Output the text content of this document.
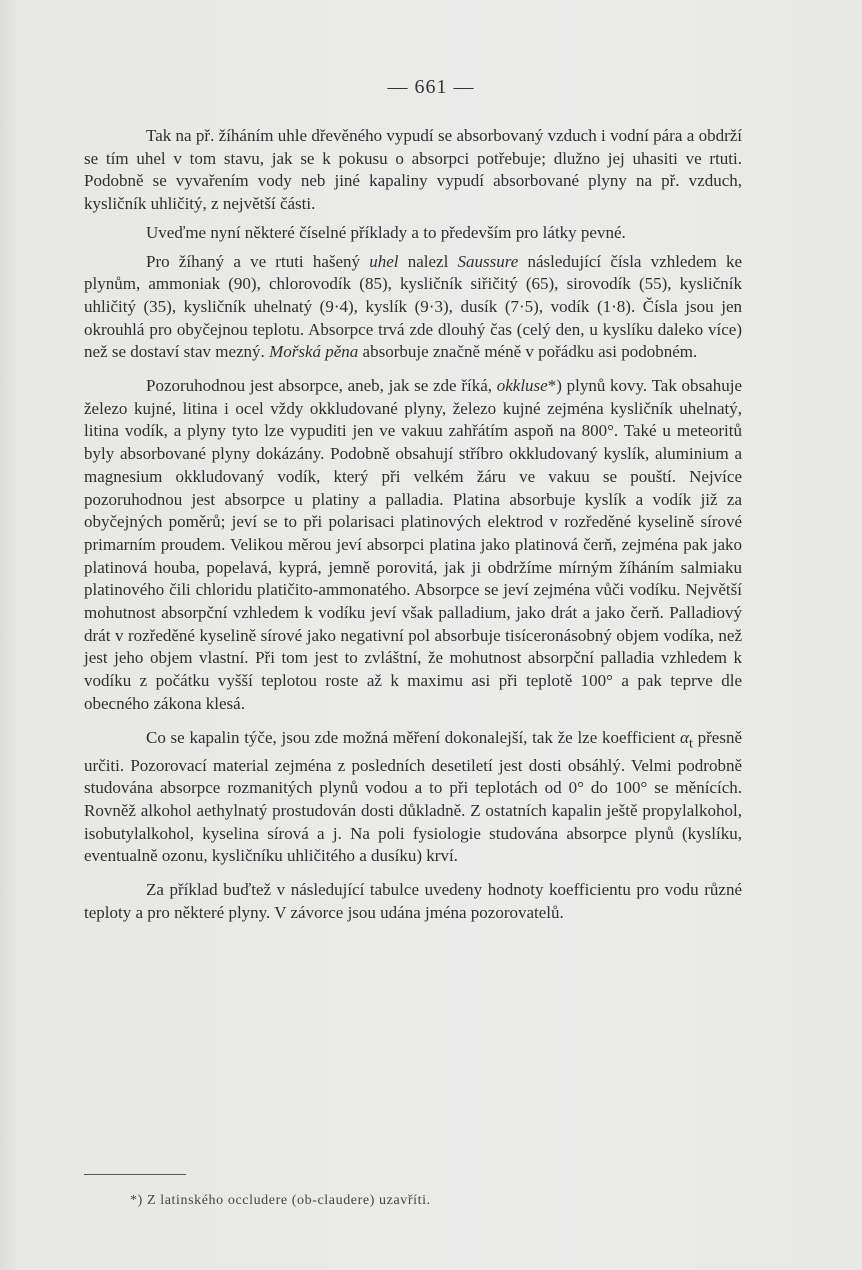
— 661 —

Tak na př. žíháním uhle dřevěného vypudí se absorbovaný vzduch i vodní pára a obdrží se tím uhel v tom stavu, jak se k pokusu o absorpci potřebuje; dlužno jej uhasiti ve rtuti. Podobně se vyvařením vody neb jiné kapaliny vypudí absorbované plyny na př. vzduch, kysličník uhličitý, z největší části.

Uveďme nyní některé číselné příklady a to především pro látky pevné.

Pro žíhaný a ve rtuti hašený uhel nalezl Saussure následující čísla vzhledem ke plynům, ammoniak (90), chlorovodík (85), kysličník siřičitý (65), sirovodík (55), kysličník uhličitý (35), kysličník uhelnatý (9·4), kyslík (9·3), dusík (7·5), vodík (1·8). Čísla jsou jen okrouhlá pro obyčejnou teplotu. Absorpce trvá zde dlouhý čas (celý den, u kyslíku daleko více) než se dostaví stav mezný. Mořská pěna absorbuje značně méně v pořádku asi podobném.

Pozoruhodnou jest absorpce, aneb, jak se zde říká, okkluse*) plynů kovy. Tak obsahuje železo kujné, litina i ocel vždy okkludované plyny, železo kujné zejména kysličník uhelnatý, litina vodík, a plyny tyto lze vypuditi jen ve vakuu zahřátím aspoň na 800°. Také u meteoritů byly absorbované plyny dokázány. Podobně obsahují stříbro okkludovaný kyslík, aluminium a magnesium okkludovaný vodík, který při velkém žáru ve vakuu se pouští. Nejvíce pozoruhodnou jest absorpce u platiny a palladia. Platina absorbuje kyslík a vodík již za obyčejných poměrů; jeví se to při polarisaci platinových elektrod v rozředěné kyselině sírové primarním proudem. Velikou měrou jeví absorpci platina jako platinová čerň, zejména pak jako platinová houba, popelavá, kyprá, jemně porovitá, jak ji obdržíme mírným žíháním salmiaku platinového čili chloridu platičito-ammonatého. Absorpce se jeví zejména vůči vodíku. Největší mohutnost absorpční vzhledem k vodíku jeví však palladium, jako drát a jako čerň. Palladiový drát v rozředěné kyselině sírové jako negativní pol absorbuje tisíceronásobný objem vodíka, než jest jeho objem vlastní. Při tom jest to zvláštní, že mohutnost absorpční palladia vzhledem k vodíku z počátku vyšší teplotou roste až k maximu asi při teplotě 100° a pak teprve dle obecného zákona klesá.

Co se kapalin týče, jsou zde možná měření dokonalejší, tak že lze koefficient $\alpha_t$ přesně určiti. Pozorovací material zejména z posledních desetiletí jest dosti obsáhlý. Velmi podrobně studována absorpce rozmanitých plynů vodou a to při teplotách od 0° do 100° se měnících. Rovněž alkohol aethylnatý prostudován dosti důkladně. Z ostatních kapalin ještě propylalkohol, isobutylalkohol, kyselina sírová a j. Na poli fysiologie studována absorpce plynů (kyslíku, eventualně ozonu, kysličníku uhličitého a dusíku) krví.

Za příklad buďtež v následující tabulce uvedeny hodnoty koefficientu pro vodu různé teploty a pro některé plyny. V závorce jsou udána jména pozorovatelů.

*) Z latinského occludere (ob-claudere) uzavříti.
